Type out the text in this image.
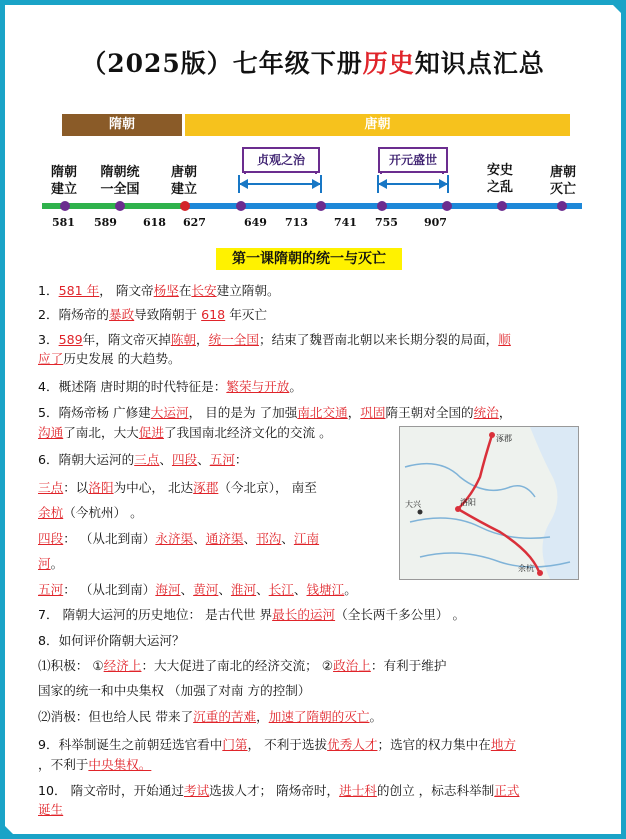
（2025版）七年级下册历史知识点汇总
隋朝	唐朝
隋朝
建立
隋朝统
一全国
唐朝
建立
安史
之乱
唐朝
灭亡
贞观之治	开元盛世
581 589 618 627	649 713 741 755 907
第一课隋朝的统一与灭亡
1．581 年， 隋文帝杨坚在长安建立隋朝。
2．隋炀帝的暴政导致隋朝于 618 年灭亡
3．589年，隋文帝灭掉陈朝，统一全国；结束了魏晋南北朝以来长期分裂的局面，顺
应了历史发展 的大趋势。
4．概述隋 唐时期的时代特征是：繁荣与开放。
5．隋炀帝杨 广修建大运河， 目的是为 了加强南北交通，巩固隋王朝对全国的统治，
沟通了南北，大大促进了我国南北经济文化的交流 。
6．隋朝大运河的三点、四段、五河：
三点：以洛阳为中心， 北达涿郡（今北京）， 南至
余杭（今杭州） 。
四段： （从北到南）永济渠、通济渠、邗沟、江南
河。
五河： （从北到南）海河、黄河、淮河、长江、钱塘江。
7． 隋朝大运河的历史地位： 是古代世 界最长的运河（全长两千多公里） 。
8．如何评价隋朝大运河？
⑴积极： ①经济上：大大促进了南北的经济交流； ②政治上：有利于维护
国家的统一和中央集权 （加强了对南 方的控制）
⑵消极：但也给人民 带来了沉重的苦难，加速了隋朝的灭亡。
9．科举制诞生之前朝廷选官看中门第， 不利于选拔优秀人才；选官的权力集中在地方
，不利于中央集权。
10． 隋文帝时，开始通过考试选拔人才； 隋炀帝时，进士科的创立 ，标志科举制正式
诞生
涿郡
洛阳
余杭
大兴
